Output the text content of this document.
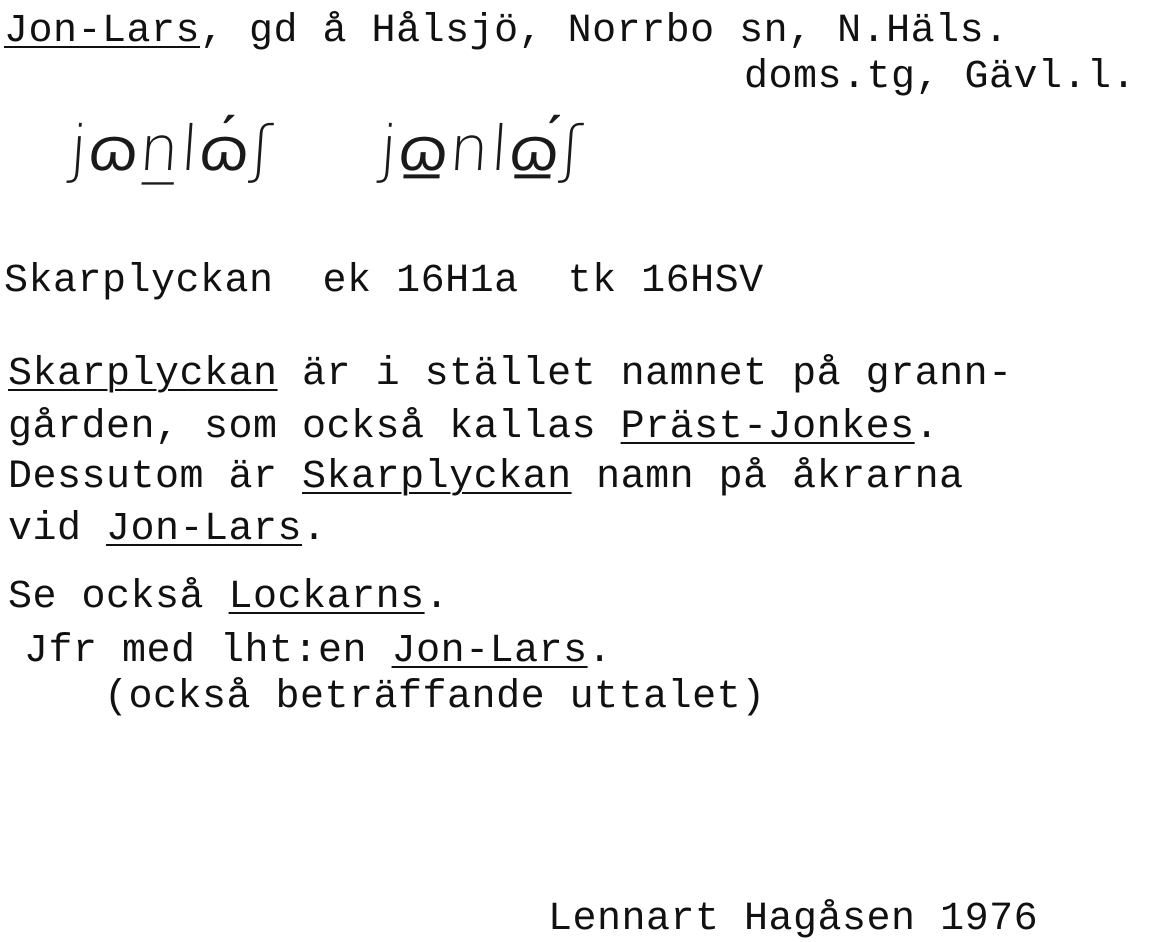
Jon-Lars, gd å Hålsjö, Norrbo sn, N.Häls.
doms.tg, Gävl.l.
jɷn̲lɷ́ʃ jɷ̲nlɷ̲́ʃ
Skarplyckan  ek 16H1a  tk 16HSV
Skarplyckan är i stället namnet på grann-
gården, som också kallas Präst-Jonkes.
Dessutom är Skarplyckan namn på åkrarna
vid Jon-Lars.
Se också Lockarns.
Jfr med lht:en Jon-Lars.
(också beträffande uttalet)
Lennart Hagåsen 1976
